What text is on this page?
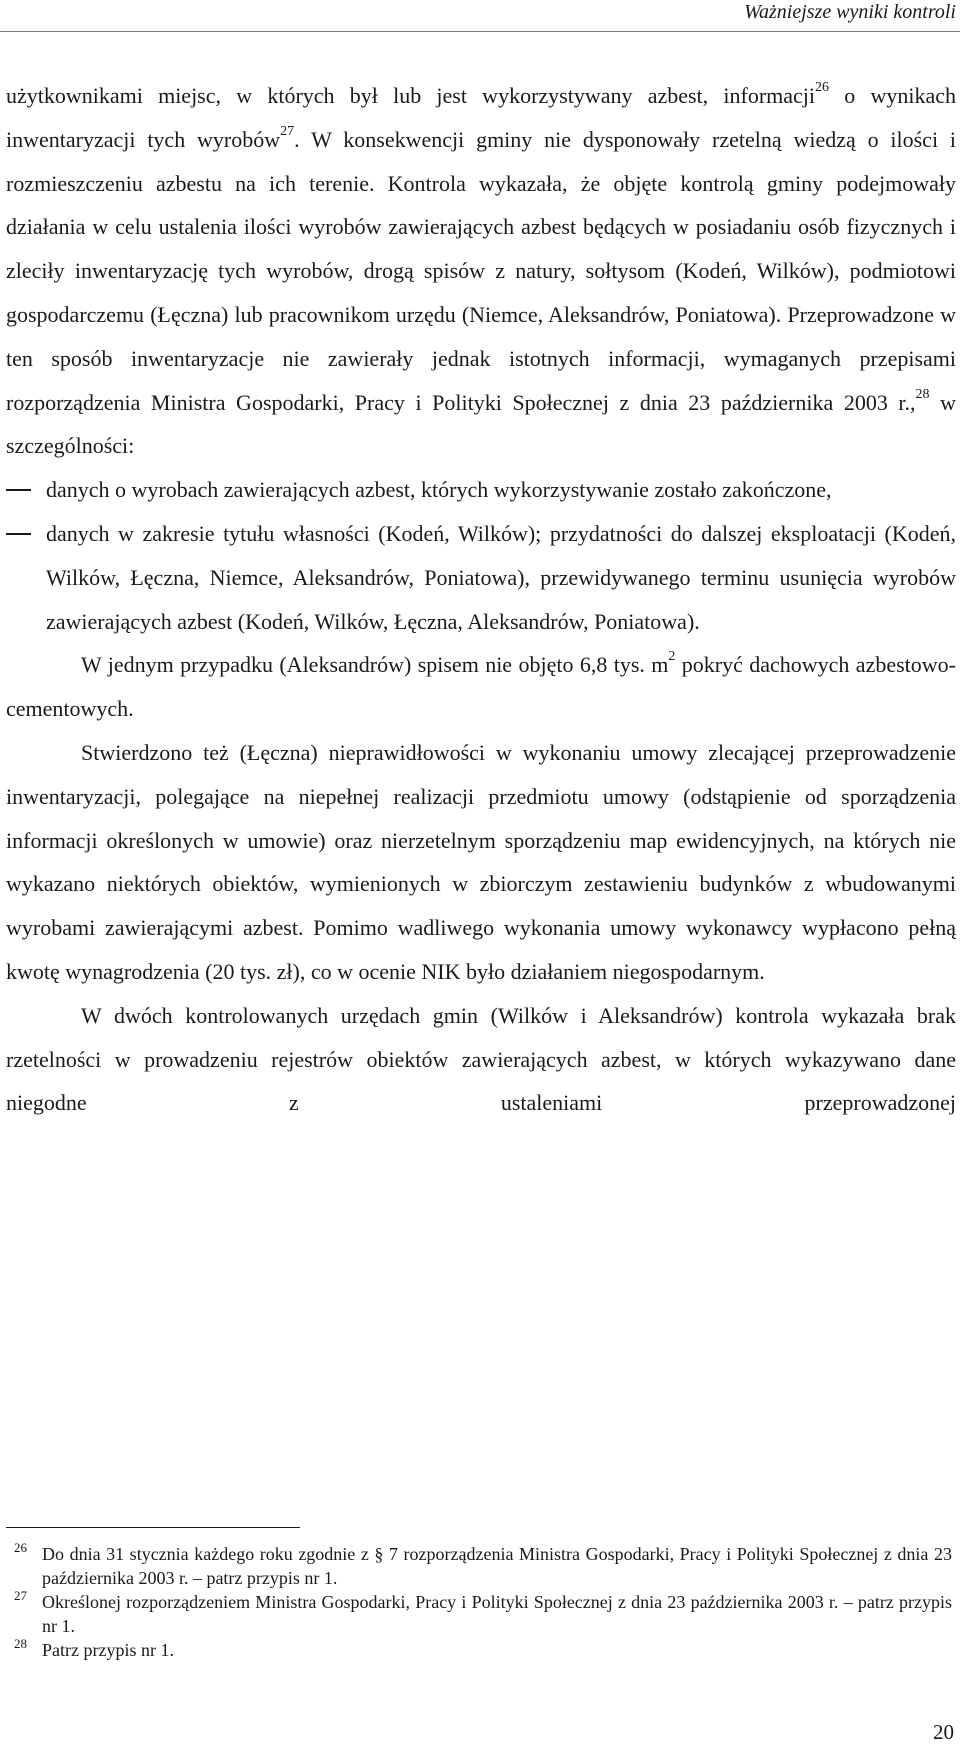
Ważniejsze wyniki kontroli

użytkownikami miejsc, w których był lub jest wykorzystywany azbest, informacji$^{26}$ o wynikach inwentaryzacji tych wyrobów$^{27}$. W konsekwencji gminy nie dysponowały rzetelną wiedzą o ilości i rozmieszczeniu azbestu na ich terenie. Kontrola wykazała, że objęte kontrolą gminy podejmowały działania w celu ustalenia ilości wyrobów zawierających azbest będących w posiadaniu osób fizycznych i zleciły inwentaryzację tych wyrobów, drogą spisów z natury, sołtysom (Kodeń, Wilków), podmiotowi gospodarczemu (Łęczna) lub pracownikom urzędu (Niemce, Aleksandrów, Poniatowa). Przeprowadzone w ten sposób inwentaryzacje nie zawierały jednak istotnych informacji, wymaganych przepisami rozporządzenia Ministra Gospodarki, Pracy i Polityki Społecznej z dnia 23 października 2003 r.,$^{28}$ w szczególności:

danych o wyrobach zawierających azbest, których wykorzystywanie zostało zakończone,
danych w zakresie tytułu własności (Kodeń, Wilków); przydatności do dalszej eksploatacji (Kodeń, Wilków, Łęczna, Niemce, Aleksandrów, Poniatowa), przewidywanego terminu usunięcia wyrobów zawierających azbest (Kodeń, Wilków, Łęczna, Aleksandrów, Poniatowa).

W jednym przypadku (Aleksandrów) spisem nie objęto 6,8 tys. $m^2$ pokryć dachowych azbestowo-cementowych.

Stwierdzono też (Łęczna) nieprawidłowości w wykonaniu umowy zlecającej przeprowadzenie inwentaryzacji, polegające na niepełnej realizacji przedmiotu umowy (odstąpienie od sporządzenia informacji określonych w umowie) oraz nierzetelnym sporządzeniu map ewidencyjnych, na których nie wykazano niektórych obiektów, wymienionych w zbiorczym zestawieniu budynków z wbudowanymi wyrobami zawierającymi azbest. Pomimo wadliwego wykonania umowy wykonawcy wypłacono pełną kwotę wynagrodzenia (20 tys. zł), co w ocenie NIK było działaniem niegospodarnym.

W dwóch kontrolowanych urzędach gmin (Wilków i Aleksandrów) kontrola wykazała brak rzetelności w prowadzeniu rejestrów obiektów zawierających azbest, w których wykazywano dane niegodne z ustaleniami przeprowadzonej

26 Do dnia 31 stycznia każdego roku zgodnie z § 7 rozporządzenia Ministra Gospodarki, Pracy i Polityki Społecznej z dnia 23 października 2003 r. – patrz przypis nr 1.
27 Określonej rozporządzeniem Ministra Gospodarki, Pracy i Polityki Społecznej z dnia 23 października 2003 r. – patrz przypis nr 1.
28 Patrz przypis nr 1.
20
